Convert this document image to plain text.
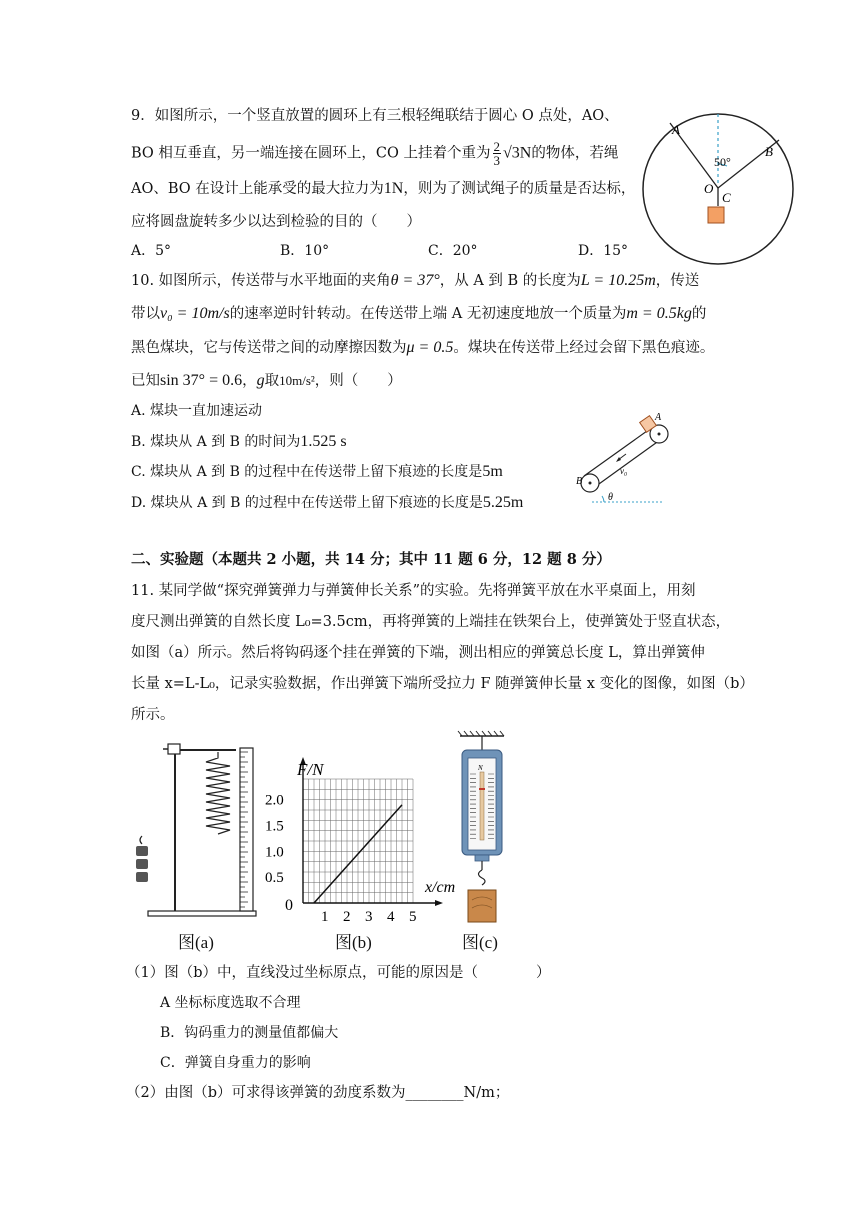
9．如图所示，一个竖直放置的圆环上有三根轻绳联结于圆心 O 点处，AO、
BO 相互垂直，另一端连接在圆环上，CO 上挂着个重为 $\frac{2}{3} √3N$的物体，若绳
AO、BO 在设计上能承受的最大拉力为1N，则为了测试绳子的质量是否达标，
应将圆盘旋转多少以达到检验的目的（　　）
A．5°	B．10°	C．20°	D．15°
A
B
O
C
50°
10. 如图所示，传送带与水平地面的夹角θ = 37°，从 A 到 B 的长度为L = 10.25m，传送
带以v₀ = 10m/s的速率逆时针转动。在传送带上端 A 无初速度地放一个质量为m = 0.5kg的
黑色煤块，它与传送带之间的动摩擦因数为μ = 0.5。煤块在传送带上经过会留下黑色痕迹。
已知sin 37° = 0.6，g取10m/s²，则（　　）
A. 煤块一直加速运动
B. 煤块从 A 到 B 的时间为1.525 s
C. 煤块从 A 到 B 的过程中在传送带上留下痕迹的长度是5m
D. 煤块从 A 到 B 的过程中在传送带上留下痕迹的长度是5.25m
A
B
v₀
θ
二、实验题（本题共 2 小题，共 14 分；其中 11 题 6 分，12 题 8 分）
11. 某同学做“探究弹簧弹力与弹簧伸长关系”的实验。先将弹簧平放在水平桌面上，用刻
度尺测出弹簧的自然长度 L₀=3.5cm，再将弹簧的上端挂在铁架台上，使弹簧处于竖直状态，
如图（a）所示。然后将钩码逐个挂在弹簧的下端，测出相应的弹簧总长度 L，算出弹簧伸
长量 x=L-L₀，记录实验数据，作出弹簧下端所受拉力 F 随弹簧伸长量 x 变化的图像，如图（b）
所示。
图(a)
1 2 3 4 5
0.5
1.0
1.5
2.0
F/N
x/cm
0
图(b)
N
图(c)
（1）图（b）中，直线没过坐标原点，可能的原因是（　　　　）
A 坐标标度选取不合理
B．钩码重力的测量值都偏大
C．弹簧自身重力的影响
（2）由图（b）可求得该弹簧的劲度系数为________N/m；
